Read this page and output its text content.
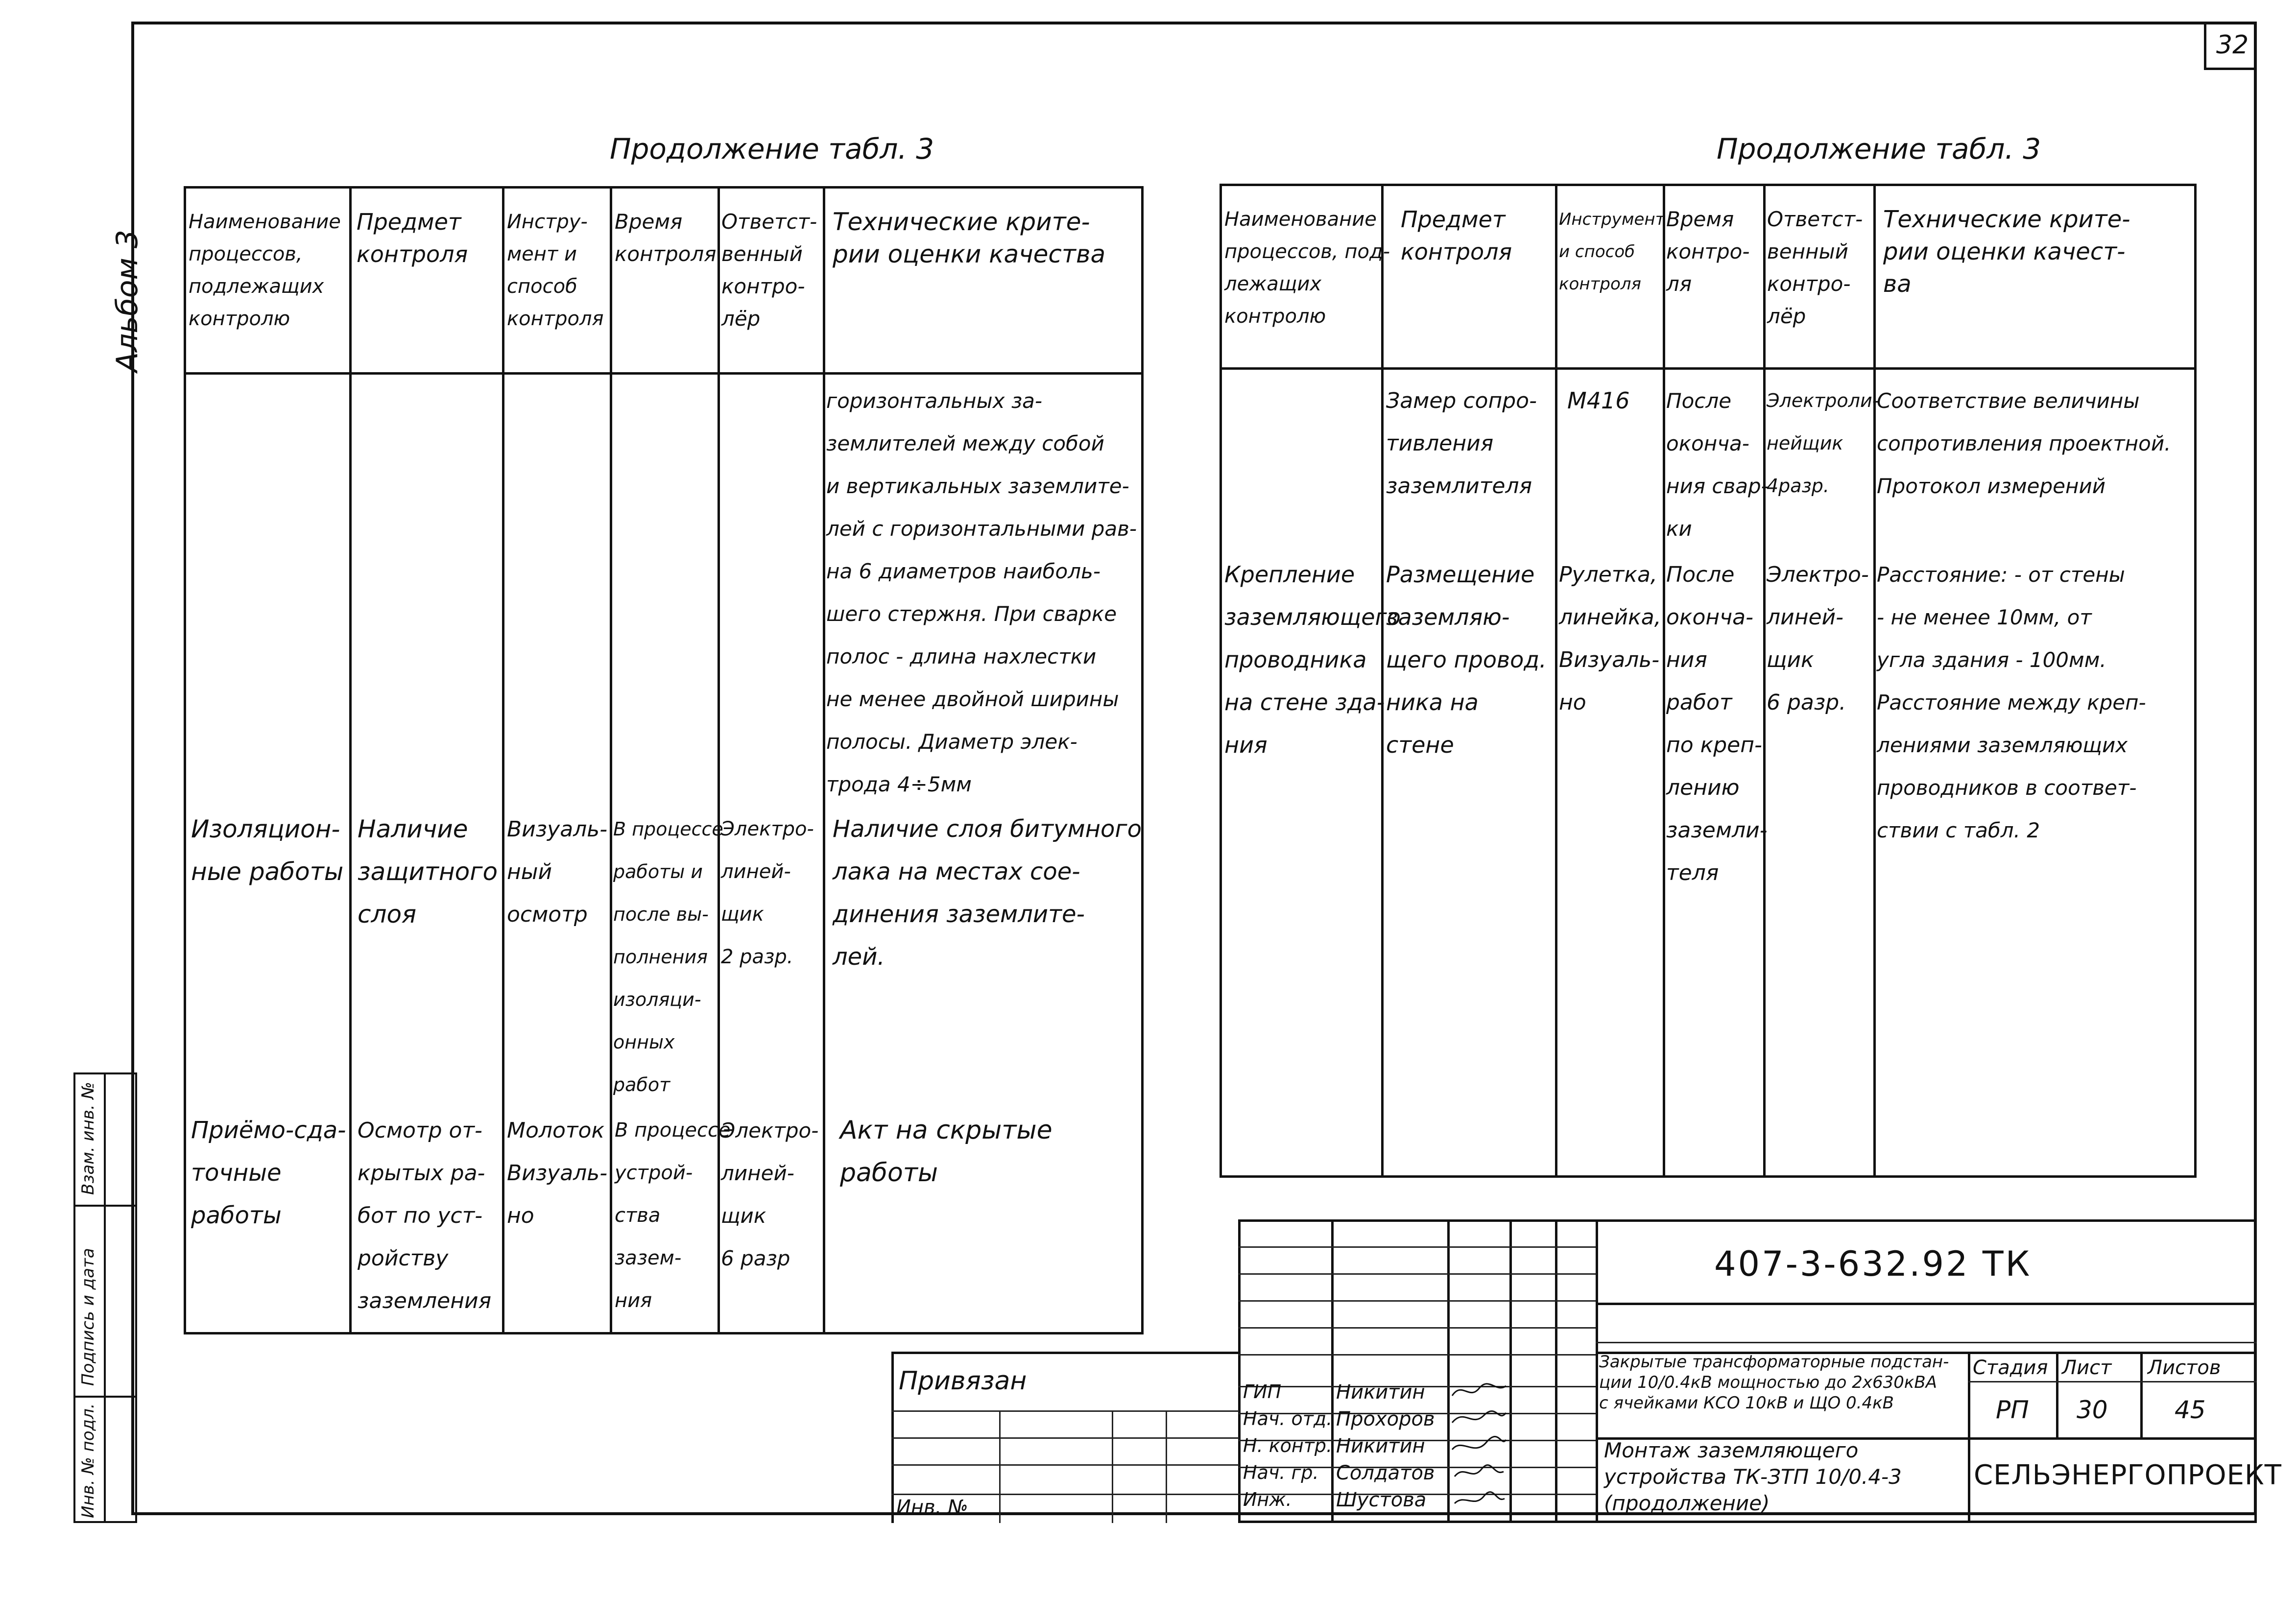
32
Альбом 3
Взам. инв. №
Подпись и дата
Инв. № подл.
Продолжение табл. 3
Наименование
процессов,
подлежащих
контролю
Предмет
контроля
Инстру-
мент и
способ
контроля
Время
контроля
Ответст-
венный
контро-
лёр
Технические крите-
рии оценки качества
горизонтальных за-
землителей между собой
и вертикальных заземлите-
лей с горизонтальными рав-
на 6 диаметров наиболь-
шего стержня. При сварке
полос - длина нахлестки
не менее двойной ширины
полосы. Диаметр элек-
трода 4÷5мм
Изоляцион-
ные работы
Наличие
защитного
слоя
Визуаль-
ный
осмотр
В процессе
работы и
после вы-
полнения
изоляци-
онных
работ
Электро-
линей-
щик
2 разр.
Наличие слоя битумного
лака на местах сое-
динения заземлите-
лей.
Приёмо-сда-
точные
работы
Осмотр от-
крытых ра-
бот по уст-
ройству
заземления
Молоток
Визуаль-
но
В процессе
устрой-
ства
зазем-
ния
Электро-
линей-
щик
6 разр
Акт на скрытые
работы
Продолжение табл. 3
Наименование
процессов, под-
лежащих
контролю
Предмет
контроля
Инструмент
и способ
контроля
Время
контро-
ля
Ответст-
венный
контро-
лёр
Технические крите-
рии оценки качест-
ва
Замер сопро-
тивления
заземлителя
М416 После
оконча-
ния свар-
ки
Электроли-
нейщик
4разр.
Соответствие величины
сопротивления проектной.
Протокол измерений
Крепление
заземляющего
проводника
на стене зда-
ния
Размещение
заземляю-
щего провод.
ника на
стене
Рулетка,
линейка,
Визуаль-
но
После
оконча-
ния
работ
по креп-
лению
заземли-
теля
Электро-
линей-
щик
6 разр.
Расстояние: - от стены
- не менее 10мм, от
угла здания - 100мм.
Расстояние между креп-
лениями заземляющих
проводников в соответ-
ствии с табл. 2
407-3-632.92 ТК
ГИП	Никитин
Нач. отд. Прохоров
Н. контр. Никитин
Нач. гр. Солдатов
Инж. Шустова
Закрытые трансформаторные подстан-
ции 10/0.4кВ мощностью до 2х630кВА
с ячейками КСО 10кВ и ЩО 0.4кВ
Монтаж заземляющего
устройства ТК-ЗТП 10/0.4-3
(продолжение)
Стадия Лист Листов
РП 30	45
СЕЛЬЭНЕРГОПРОЕКТ
Привязан
Инв. №
